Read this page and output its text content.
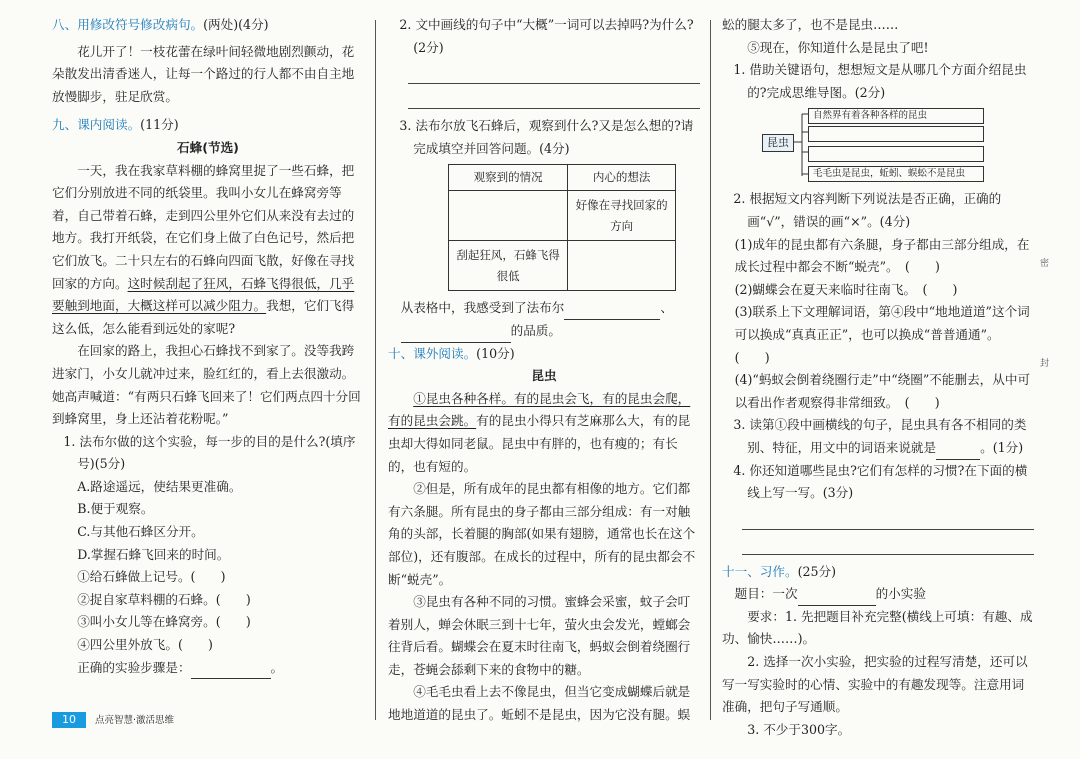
八、用修改符号修改病句。(两处)(4分)

花儿开了！一枝花蕾在绿叶间轻微地剧烈颤动，花朵散发出清香迷人，让每一个路过的行人都不由自主地放慢脚步，驻足欣赏。

九、课内阅读。(11分)
石蜂(节选)

一天，我在我家草料棚的蜂窝里捉了一些石蜂，把它们分别放进不同的纸袋里。我叫小女儿在蜂窝旁等着，自己带着石蜂，走到四公里外它们从来没有去过的地方。我打开纸袋，在它们身上做了白色记号，然后把它们放飞。二十只左右的石蜂向四面飞散，好像在寻找回家的方向。这时候刮起了狂风，石蜂飞得很低，几乎要触到地面，大概这样可以减少阻力。我想，它们飞得这么低，怎么能看到远处的家呢?

在回家的路上，我担心石蜂找不到家了。没等我跨进家门，小女儿就冲过来，脸红红的，看上去很激动。她高声喊道：“有两只石蜂飞回来了！它们两点四十分回到蜂窝里，身上还沾着花粉呢。”

1. 法布尔做的这个实验，每一步的目的是什么?(填序号)(5分)

A.路途遥远，使结果更准确。

B.便于观察。

C.与其他石蜂区分开。

D.掌握石蜂飞回来的时间。

①给石蜂做上记号。(　　)

②捉自家草料棚的石蜂。(　　)

③叫小女儿等在蜂窝旁。(　　)

④四公里外放飞。(　　)

正确的实验步骤是：	。

2. 文中画线的句子中“大概”一词可以去掉吗?为什么?(2分)

3. 法布尔放飞石蜂后，观察到什么?又是怎么想的?请完成填空并回答问题。(4分)

观察到的情况	内心的想法
	好像在寻找回家的方向
刮起狂风，石蜂飞得很低	

从表格中，我感受到了法布尔	、

的品质。

十、课外阅读。(10分)
昆虫

①昆虫各种各样。有的昆虫会飞，有的昆虫会爬，有的昆虫会跳。有的昆虫小得只有芝麻那么大，有的昆虫却大得如同老鼠。昆虫中有胖的，也有瘦的；有长的，也有短的。

②但是，所有成年的昆虫都有相像的地方。它们都有六条腿。所有昆虫的身子都由三部分组成：有一对触角的头部，长着腿的胸部(如果有翅膀，通常也长在这个部位)，还有腹部。在成长的过程中，所有的昆虫都会不断“蜕壳”。

③昆虫有各种不同的习惯。蜜蜂会采蜜，蚊子会叮着别人，蝉会休眠三到十七年，萤火虫会发光，螳螂会往背后看。蝴蝶会在夏末时往南飞，蚂蚁会倒着绕圈行走，苍蝇会舔剩下来的食物中的糖。

④毛毛虫看上去不像昆虫，但当它变成蝴蝶后就是地地道道的昆虫了。蚯蚓不是昆虫，因为它没有腿。蜈

蚣的腿太多了，也不是昆虫……

⑤现在，你知道什么是昆虫了吧!

1. 借助关键语句，想想短文是从哪几个方面介绍昆虫的?完成思维导图。(2分)

昆虫
自然界有着各种各样的昆虫
毛毛虫是昆虫，蚯蚓、蜈蚣不是昆虫

2. 根据短文内容判断下列说法是否正确，正确的画“√”，错误的画“×”。(4分)

(1)成年的昆虫都有六条腿，身子都由三部分组成，在成长过程中都会不断“蜕壳”。　 (　　)

(2)蝴蝶会在夏天来临时往南飞。　 (　　)

(3)联系上下文理解词语，第④段中“地地道道”这个词可以换成“真真正正”，也可以换成“普普通通”。　(　　)

(4)“蚂蚁会倒着绕圈行走”中“绕圈”不能删去，从中可以看出作者观察得非常细致。　 (　　)

3. 读第①段中画横线的句子，昆虫具有各不相同的类别、特征，用文中的词语来说就是	。(1分)

4. 你还知道哪些昆虫?它们有怎样的习惯?在下面的横线上写一写。(3分)

十一、习作。(25分)

题目：一次	的小实验

要求：1. 先把题目补充完整(横线上可填：有趣、成功、愉快……)。

2. 选择一次小实验，把实验的过程写清楚，还可以写一写实验时的心情、实验中的有趣发现等。注意用词准确，把句子写通顺。

3. 不少于300字。

密
封
10 点亮智慧·激活思维
